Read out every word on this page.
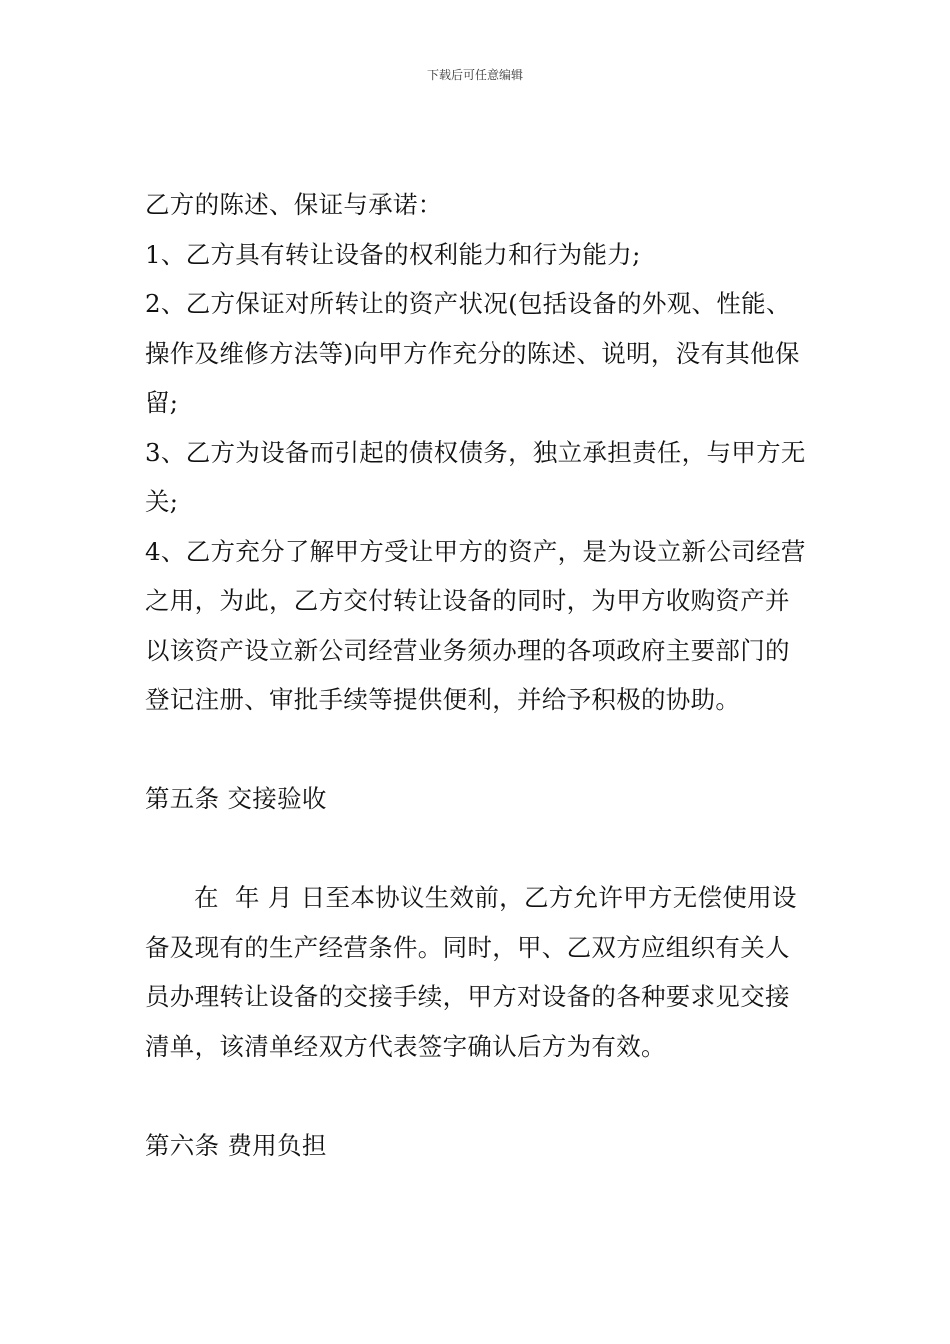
下载后可任意编辑

乙方的陈述、保证与承诺：

1、乙方具有转让设备的权利能力和行为能力;

2、乙方保证对所转让的资产状况(包括设备的外观、性能、操作及维修方法等)向甲方作充分的陈述、说明，没有其他保留;

3、乙方为设备而引起的债权债务，独立承担责任，与甲方无关;

4、乙方充分了解甲方受让甲方的资产，是为设立新公司经营之用，为此，乙方交付转让设备的同时，为甲方收购资产并以该资产设立新公司经营业务须办理的各项政府主要部门的登记注册、审批手续等提供便利，并给予积极的协助。

第五条 交接验收

在  年 月 日至本协议生效前，乙方允许甲方无偿使用设备及现有的生产经营条件。同时，甲、乙双方应组织有关人员办理转让设备的交接手续，甲方对设备的各种要求见交接清单，该清单经双方代表签字确认后方为有效。

第六条 费用负担
